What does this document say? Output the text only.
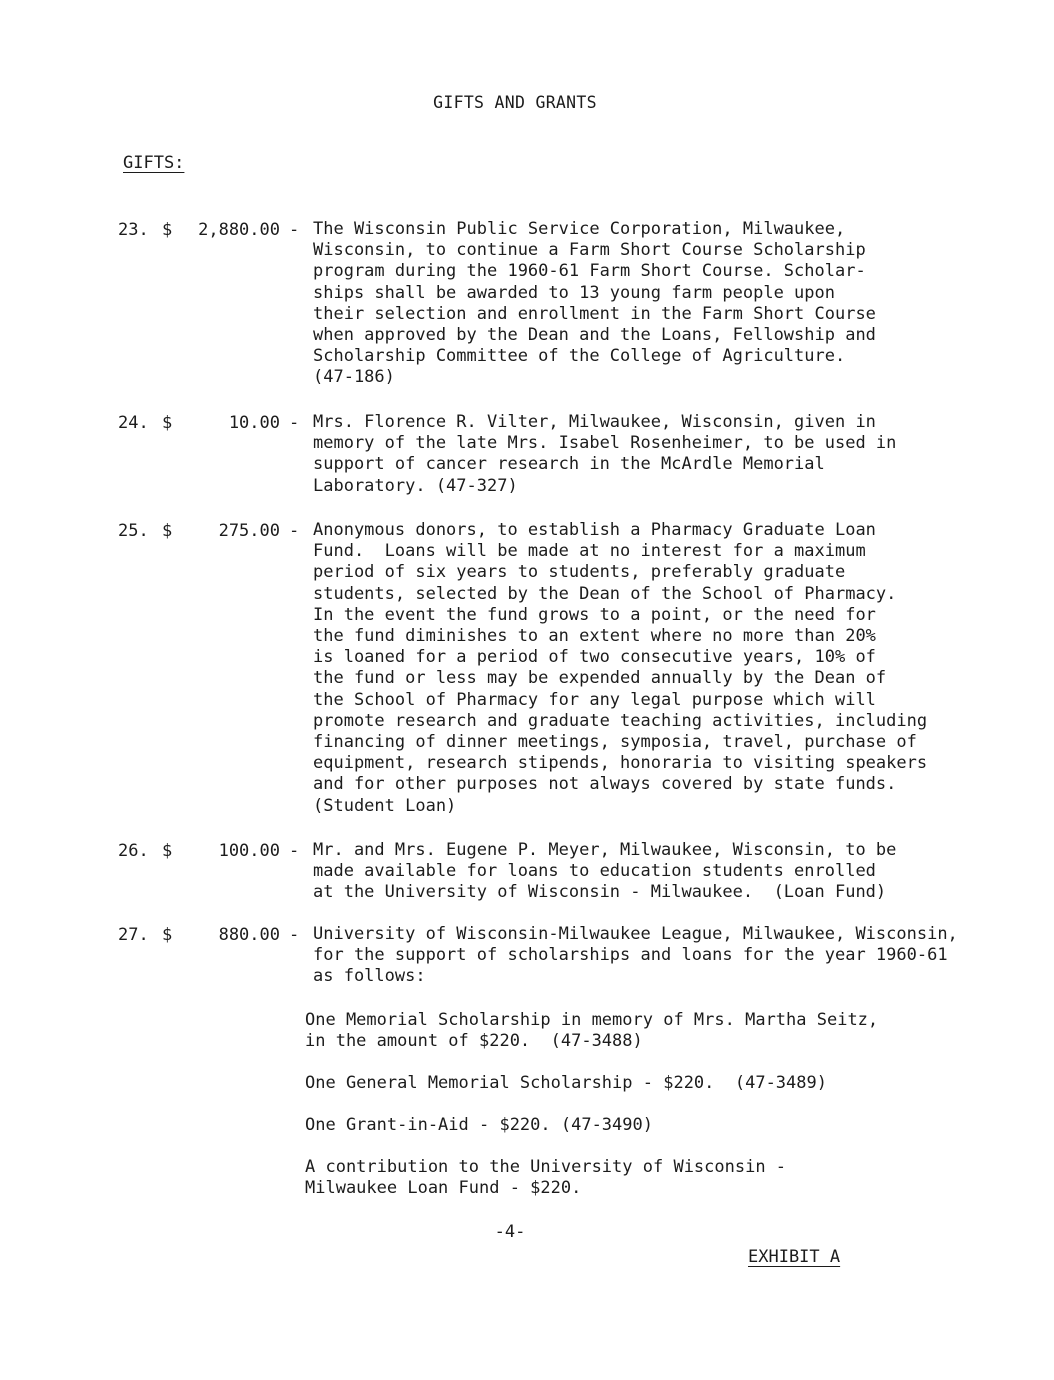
GIFTS AND GRANTS
GIFTS:
23. $ 2,880.00 - The Wisconsin Public Service Corporation, Milwaukee,
Wisconsin, to continue a Farm Short Course Scholarship
program during the 1960-61 Farm Short Course. Scholar-
ships shall be awarded to 13 young farm people upon
their selection and enrollment in the Farm Short Course
when approved by the Dean and the Loans, Fellowship and
Scholarship Committee of the College of Agriculture.
(47-186)
24. $	10.00 - Mrs. Florence R. Vilter, Milwaukee, Wisconsin, given in
memory of the late Mrs. Isabel Rosenheimer, to be used in
support of cancer research in the McArdle Memorial
Laboratory. (47-327)
25. $	275.00 - Anonymous donors, to establish a Pharmacy Graduate Loan
Fund.  Loans will be made at no interest for a maximum
period of six years to students, preferably graduate
students, selected by the Dean of the School of Pharmacy.
In the event the fund grows to a point, or the need for
the fund diminishes to an extent where no more than 20%
is loaned for a period of two consecutive years, 10% of
the fund or less may be expended annually by the Dean of
the School of Pharmacy for any legal purpose which will
promote research and graduate teaching activities, including
financing of dinner meetings, symposia, travel, purchase of
equipment, research stipends, honoraria to visiting speakers
and for other purposes not always covered by state funds.
(Student Loan)
26. $	100.00 - Mr. and Mrs. Eugene P. Meyer, Milwaukee, Wisconsin, to be
made available for loans to education students enrolled
at the University of Wisconsin - Milwaukee.  (Loan Fund)
27. $	880.00 - University of Wisconsin-Milwaukee League, Milwaukee, Wisconsin,
for the support of scholarships and loans for the year 1960-61
as follows:
One Memorial Scholarship in memory of Mrs. Martha Seitz,
in the amount of $220.  (47-3488)
One General Memorial Scholarship - $220.  (47-3489)
One Grant-in-Aid - $220. (47-3490)
A contribution to the University of Wisconsin -
Milwaukee Loan Fund - $220.
-4-
EXHIBIT A
